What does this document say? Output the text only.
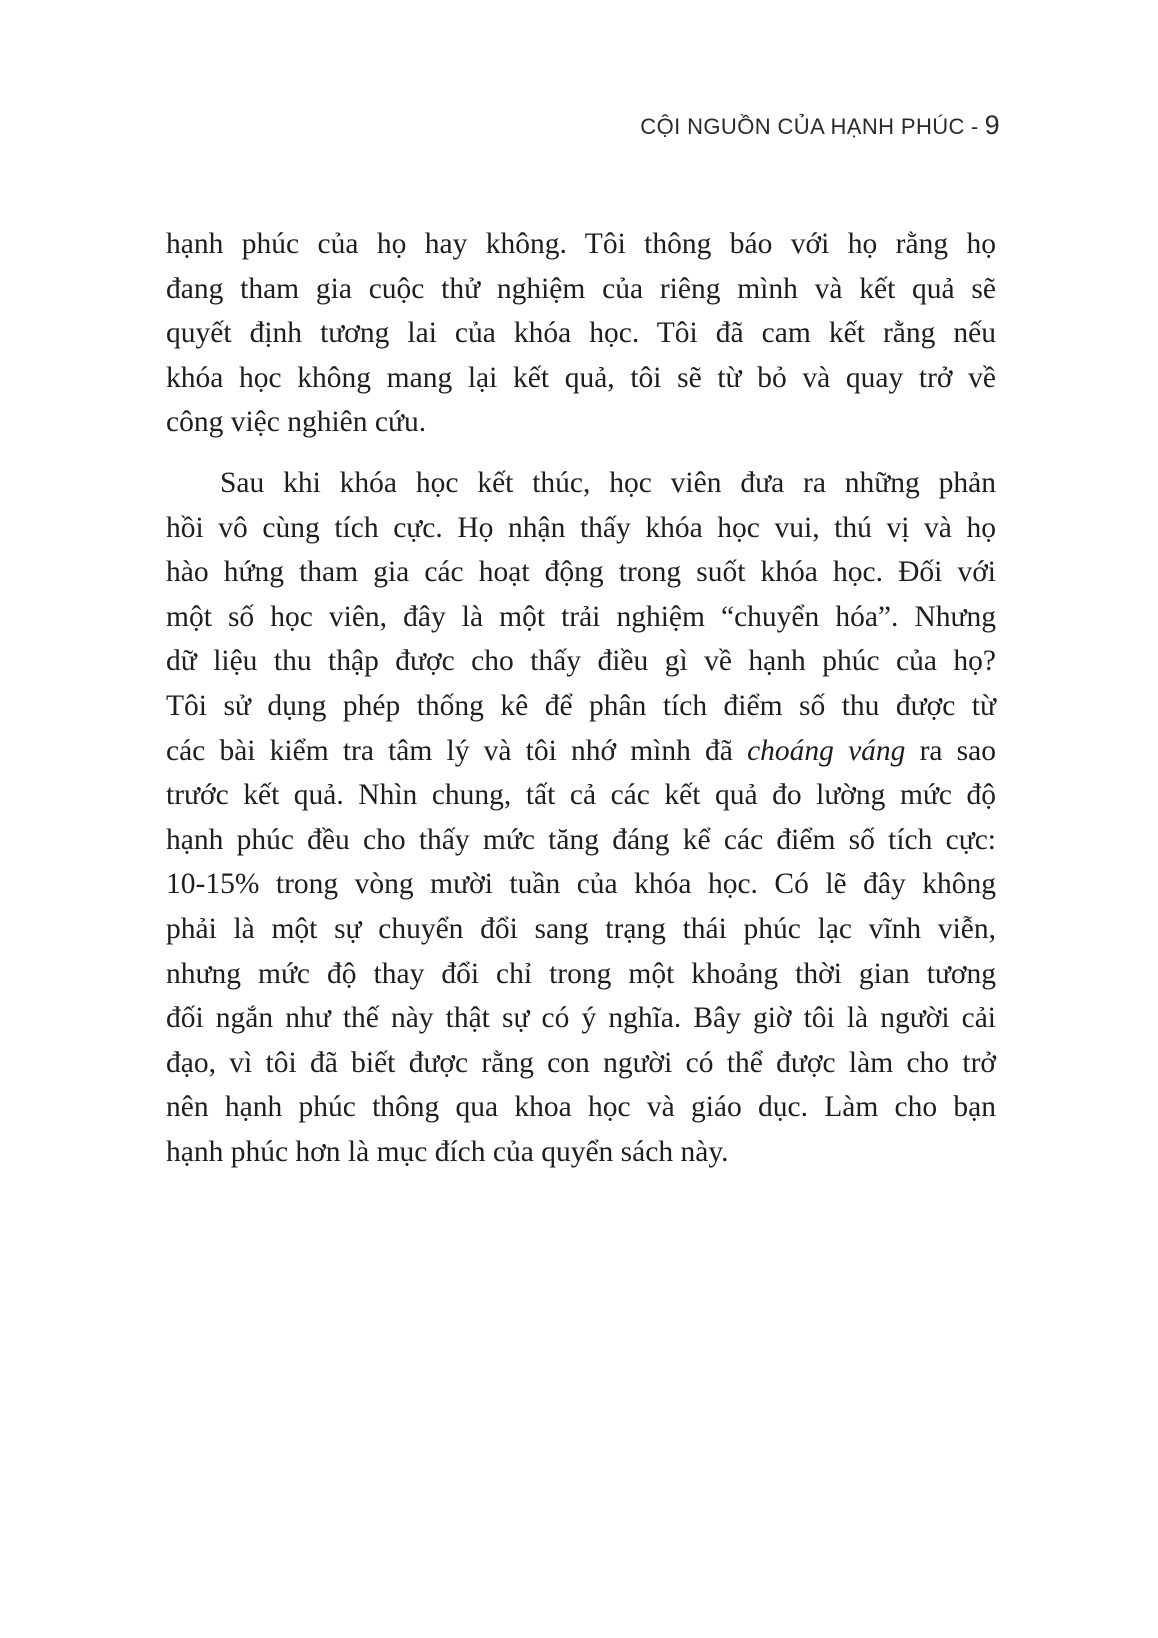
CỘI NGUỒN CỦA HẠNH PHÚC - 9
hạnh phúc của họ hay không. Tôi thông báo với họ rằng họ
đang tham gia cuộc thử nghiệm của riêng mình và kết quả sẽ
quyết định tương lai của khóa học. Tôi đã cam kết rằng nếu
khóa học không mang lại kết quả, tôi sẽ từ bỏ và quay trở về
công việc nghiên cứu.
Sau khi khóa học kết thúc, học viên đưa ra những phản
hồi vô cùng tích cực. Họ nhận thấy khóa học vui, thú vị và họ
hào hứng tham gia các hoạt động trong suốt khóa học. Đối với
một số học viên, đây là một trải nghiệm “chuyển hóa”. Nhưng
dữ liệu thu thập được cho thấy điều gì về hạnh phúc của họ?
Tôi sử dụng phép thống kê để phân tích điểm số thu được từ
các bài kiểm tra tâm lý và tôi nhớ mình đã choáng váng ra sao
trước kết quả. Nhìn chung, tất cả các kết quả đo lường mức độ
hạnh phúc đều cho thấy mức tăng đáng kể các điểm số tích cực:
10-15% trong vòng mười tuần của khóa học. Có lẽ đây không
phải là một sự chuyển đổi sang trạng thái phúc lạc vĩnh viễn,
nhưng mức độ thay đổi chỉ trong một khoảng thời gian tương
đối ngắn như thế này thật sự có ý nghĩa. Bây giờ tôi là người cải
đạo, vì tôi đã biết được rằng con người có thể được làm cho trở
nên hạnh phúc thông qua khoa học và giáo dục. Làm cho bạn
hạnh phúc hơn là mục đích của quyển sách này.
